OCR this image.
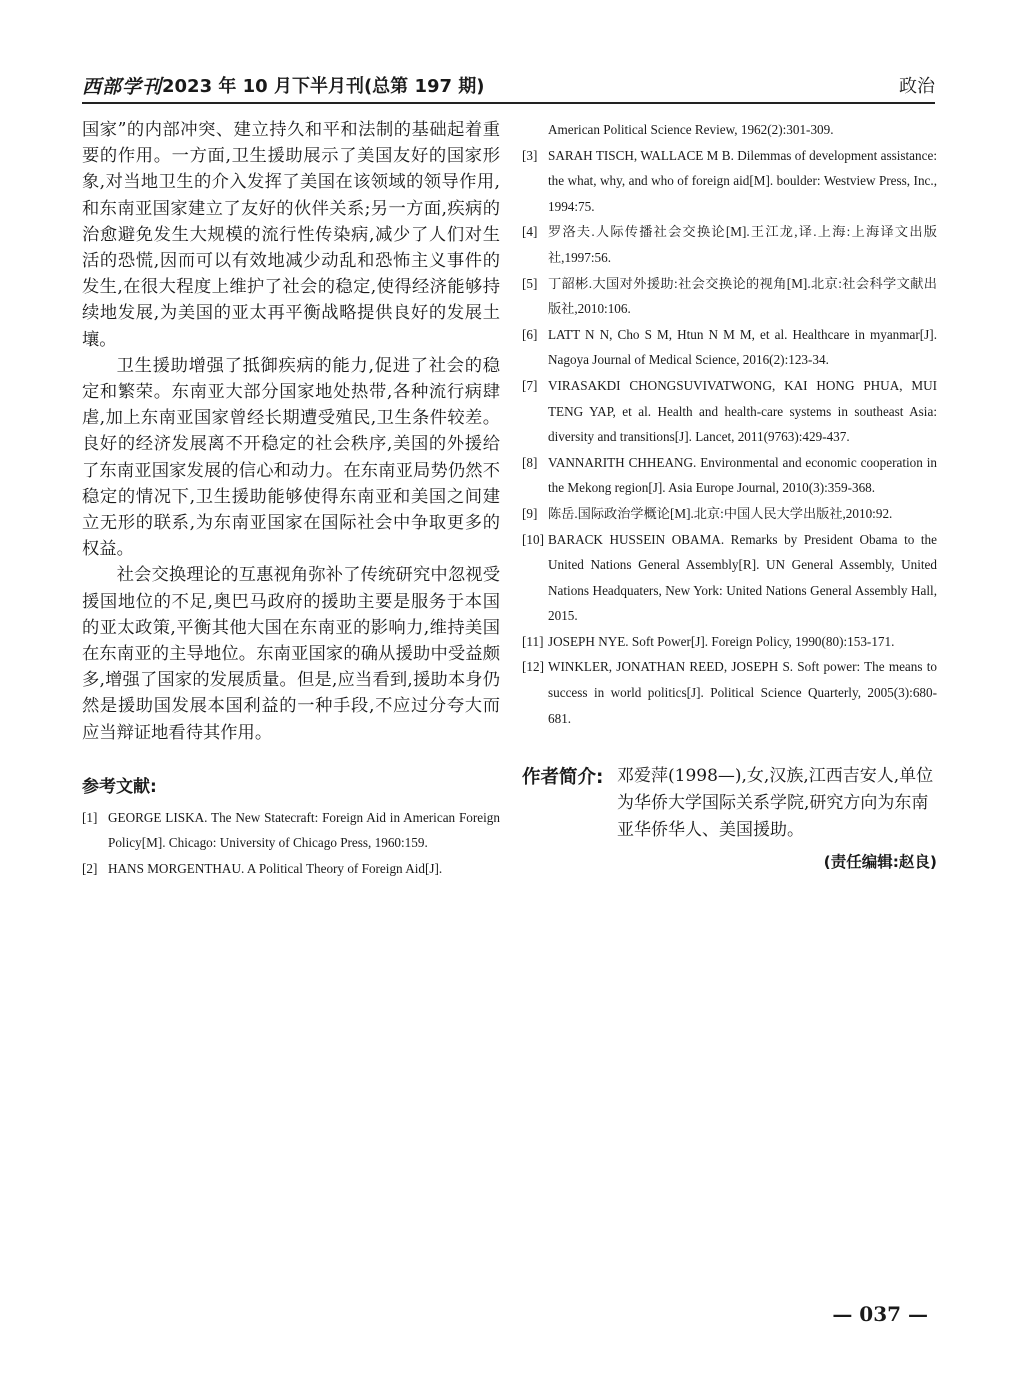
西部学刊 2023 年 10 月下半月刊(总第 197 期)	政治

国家”的内部冲突、建立持久和平和法制的基础起着重要的作用。一方面,卫生援助展示了美国友好的国家形象,对当地卫生的介入发挥了美国在该领域的领导作用,和东南亚国家建立了友好的伙伴关系;另一方面,疾病的治愈避免发生大规模的流行性传染病,减少了人们对生活的恐慌,因而可以有效地减少动乱和恐怖主义事件的发生,在很大程度上维护了社会的稳定,使得经济能够持续地发展,为美国的亚太再平衡战略提供良好的发展土壤。

卫生援助增强了抵御疾病的能力,促进了社会的稳定和繁荣。东南亚大部分国家地处热带,各种流行病肆虐,加上东南亚国家曾经长期遭受殖民,卫生条件较差。良好的经济发展离不开稳定的社会秩序,美国的外援给了东南亚国家发展的信心和动力。在东南亚局势仍然不稳定的情况下,卫生援助能够使得东南亚和美国之间建立无形的联系,为东南亚国家在国际社会中争取更多的权益。

社会交换理论的互惠视角弥补了传统研究中忽视受援国地位的不足,奥巴马政府的援助主要是服务于本国的亚太政策,平衡其他大国在东南亚的影响力,维持美国在东南亚的主导地位。东南亚国家的确从援助中受益颇多,增强了国家的发展质量。但是,应当看到,援助本身仍然是援助国发展本国利益的一种手段,不应过分夸大而应当辩证地看待其作用。

参考文献:

[1] GEORGE LISKA. The New Statecraft: Foreign Aid in American Foreign Policy[M]. Chicago: University of Chicago Press, 1960:159.

[2] HANS MORGENTHAU. A Political Theory of Foreign Aid[J].

American Political Science Review, 1962(2):301-309.

[3] SARAH TISCH, WALLACE M B. Dilemmas of development assistance: the what, why, and who of foreign aid[M]. boulder: Westview Press, Inc., 1994:75.

[4] 罗洛夫.人际传播社会交换论[M].王江龙,译.上海:上海译文出版社,1997:56.

[5] 丁韶彬.大国对外援助:社会交换论的视角[M].北京:社会科学文献出版社,2010:106.

[6] LATT N N, Cho S M, Htun N M M, et al. Healthcare in myanmar[J]. Nagoya Journal of Medical Science, 2016(2):123-34.

[7] VIRASAKDI CHONGSUVIVATWONG, KAI HONG PHUA, MUI TENG YAP, et al. Health and health-care systems in southeast Asia: diversity and transitions[J]. Lancet, 2011(9763):429-437.

[8] VANNARITH CHHEANG. Environmental and economic cooperation in the Mekong region[J]. Asia Europe Journal, 2010(3):359-368.

[9] 陈岳.国际政治学概论[M].北京:中国人民大学出版社,2010:92.

[10] BARACK HUSSEIN OBAMA. Remarks by President Obama to the United Nations General Assembly[R]. UN General Assembly, United Nations Headquaters, New York: United Nations General Assembly Hall, 2015.

[11] JOSEPH NYE. Soft Power[J]. Foreign Policy, 1990(80):153-171.

[12] WINKLER, JONATHAN REED, JOSEPH S. Soft power: The means to success in world politics[J]. Political Science Quarterly, 2005(3):680-681.

作者简介: 邓爱萍(1998—),女,汉族,江西吉安人,单位为华侨大学国际关系学院,研究方向为东南亚华侨华人、美国援助。
(责任编辑:赵良)
— 037 —
